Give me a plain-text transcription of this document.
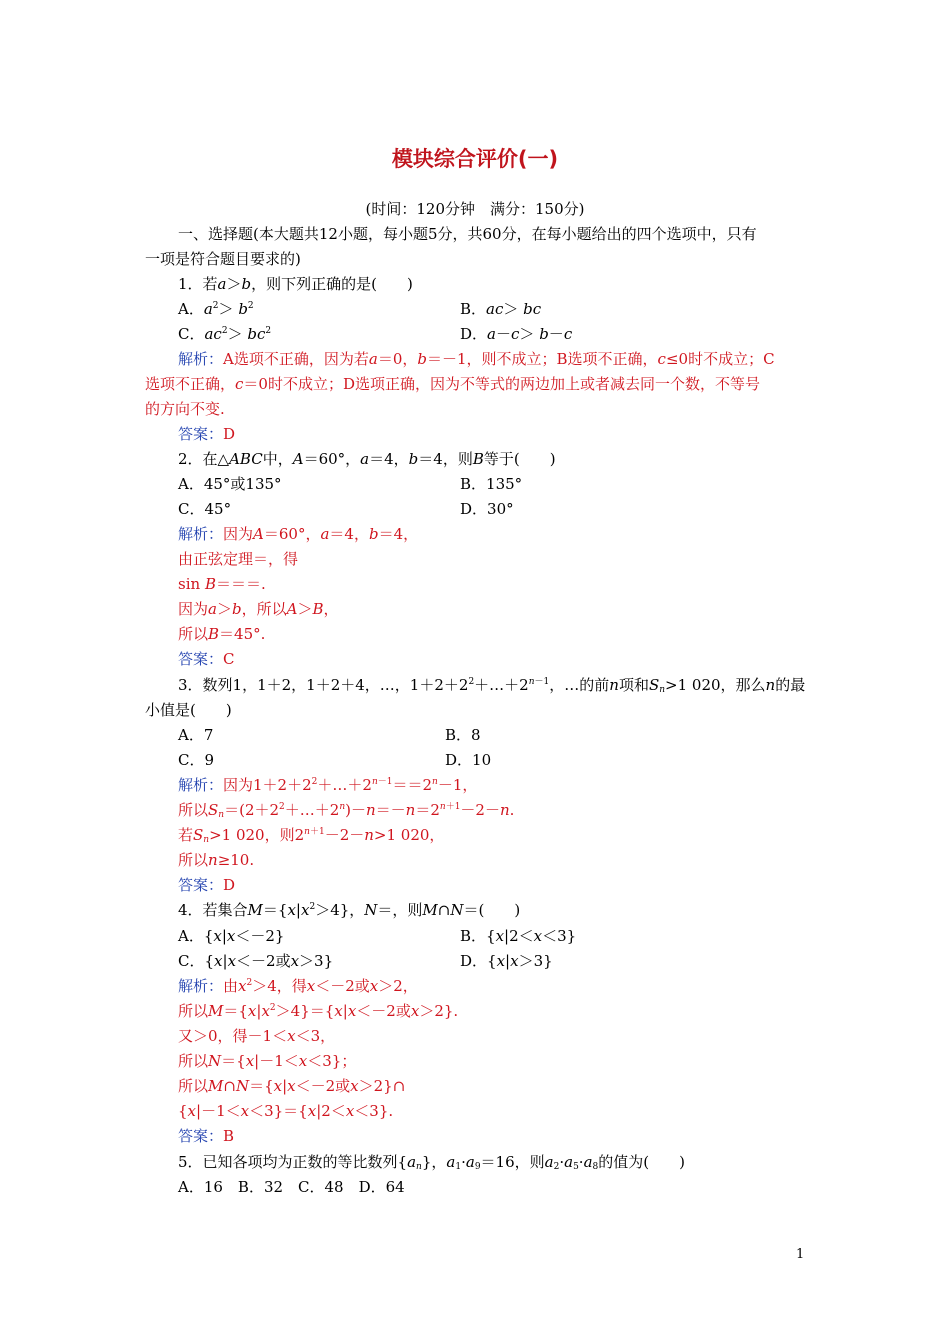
模块综合评价(一)
(时间：120分钟　满分：150分)
一、选择题(本大题共12小题，每小题5分，共60分，在每小题给出的四个选项中，只有
一项是符合题目要求的)
1．若a＞b，则下列正确的是(　　)
A．$a^2> b^2$	B．ac＞ bc
C．$ac^2> bc^2$	D．a－c＞ b－c
解析：A选项不正确，因为若a＝0，b＝－1，则不成立；B选项不正确，c≤0时不成立；C
选项不正确，c＝0时不成立；D选项正确，因为不等式的两边加上或者减去同一个数，不等号
的方向不变.
答案：D
2．在△ABC中，A＝60°，a＝4，b＝4，则B等于(　　)
A．45°或135°	B．135°
C．45°	D．30°
解析：因为A＝60°，a＝4，b＝4，
由正弦定理＝，得
sin B＝＝＝.
因为a＞b，所以A＞B，
所以B＝45°.
答案：C
3．数列1，1＋2，1＋2＋4，…，$1+2+2^2+\dots+2^{n-1}$，…的前n项和$S_n>1$ 020，那么n的最
小值是(　　)
A．7	B．8
C．9	D．10
解析：因为$1+2+2^2+\dots+2^{n-1}==2^n-1$，
所以$S_n=(2+2^2+\dots+2^n)-n=-n=2^{n+1}-2-n$.
若$S_n>1$ 020，则$2^{n+1}-2-n>1$ 020，
所以n≥10.
答案：D
4．若集合$M=\{x|x^2>4\}$，N＝，则M∩N＝(　　)
A．{x|x＜－2}	B．{x|2＜x＜3}
C．{x|x＜－2或x＞3}	D．{x|x＞3}
解析：由$x^2>4$，得x＜－2或x＞2，
所以$M=\{x|x^2>4\}=\{x|x<-2$或x＞2}.
又＞0，得－1＜x＜3，
所以N＝{x|－1＜x＜3}；
所以M∩N＝{x|x＜－2或x＞2}∩
{x|－1＜x＜3}＝{x|2＜x＜3}.
答案：B
5．已知各项均为正数的等比数列$\{a_n\}$，$a_1\cdot a_9=16$，则$a_2\cdot a_5\cdot a_8$的值为(　　)
A．16　B．32　C．48　D．64
1
